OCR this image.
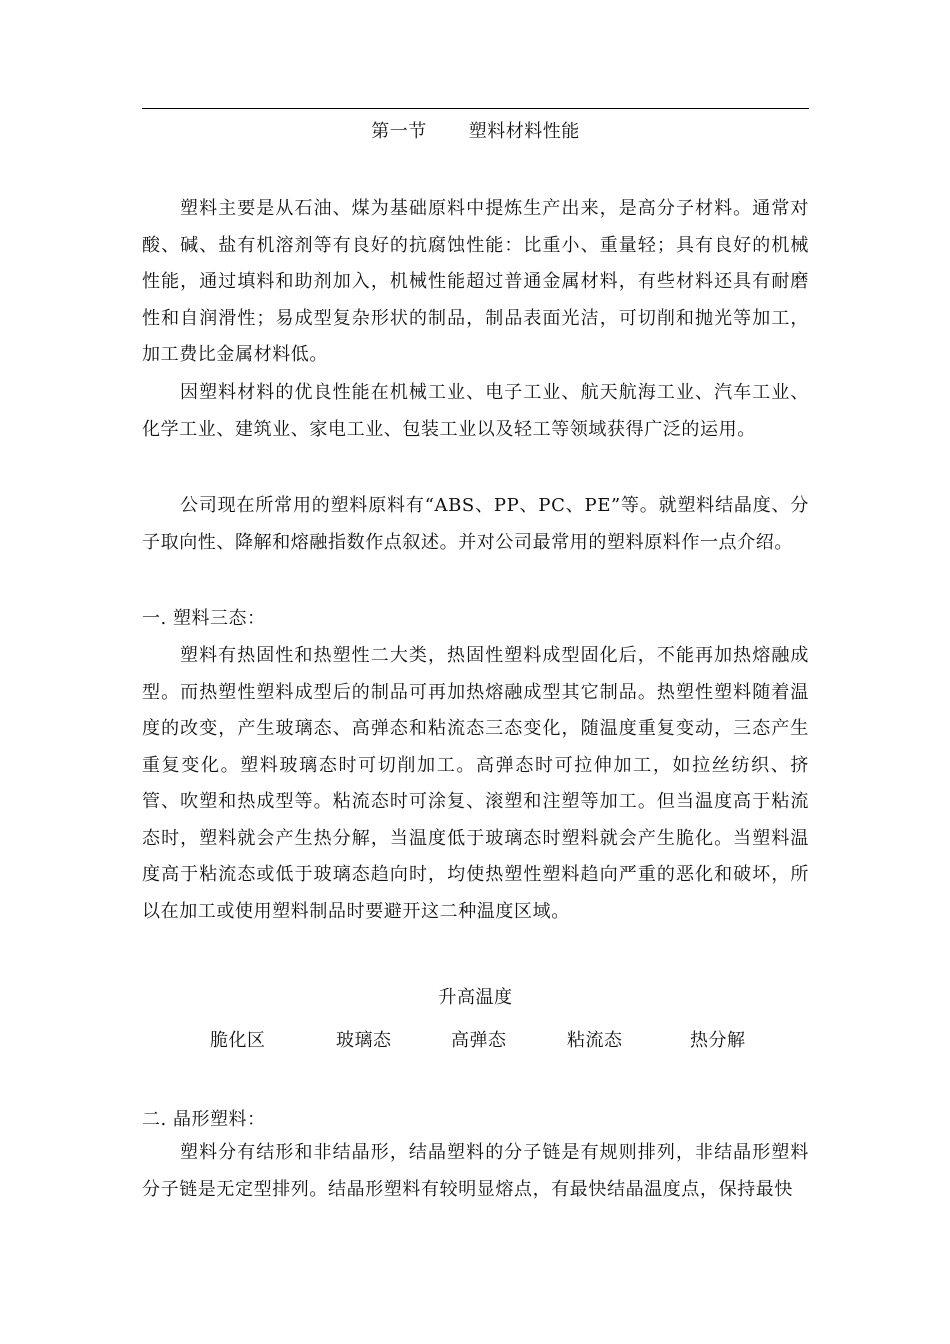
第一节 塑料材料性能

塑料主要是从石油、煤为基础原料中提炼生产出来，是高分子材料。通常对酸、碱、盐有机溶剂等有良好的抗腐蚀性能：比重小、重量轻；具有良好的机械性能，通过填料和助剂加入，机械性能超过普通金属材料，有些材料还具有耐磨性和自润滑性；易成型复杂形状的制品，制品表面光洁，可切削和抛光等加工，加工费比金属材料低。

因塑料材料的优良性能在机械工业、电子工业、航天航海工业、汽车工业、化学工业、建筑业、家电工业、包装工业以及轻工等领域获得广泛的运用。

公司现在所常用的塑料原料有“ABS、PP、PC、PE”等。就塑料结晶度、分子取向性、降解和熔融指数作点叙述。并对公司最常用的塑料原料作一点介绍。

一. 塑料三态：

塑料有热固性和热塑性二大类，热固性塑料成型固化后，不能再加热熔融成型。而热塑性塑料成型后的制品可再加热熔融成型其它制品。热塑性塑料随着温度的改变，产生玻璃态、高弹态和粘流态三态变化，随温度重复变动，三态产生重复变化。塑料玻璃态时可切削加工。高弹态时可拉伸加工，如拉丝纺织、挤管、吹塑和热成型等。粘流态时可涂复、滚塑和注塑等加工。但当温度高于粘流态时，塑料就会产生热分解，当温度低于玻璃态时塑料就会产生脆化。当塑料温度高于粘流态或低于玻璃态趋向时，均使热塑性塑料趋向严重的恶化和破坏，所以在加工或使用塑料制品时要避开这二种温度区域。

升高温度
脆化区	玻璃态	高弹态	粘流态	热分解
二. 晶形塑料：

塑料分有结形和非结晶形，结晶塑料的分子链是有规则排列，非结晶形塑料分子链是无定型排列。结晶形塑料有较明显熔点，有最快结晶温度点，保持最快
